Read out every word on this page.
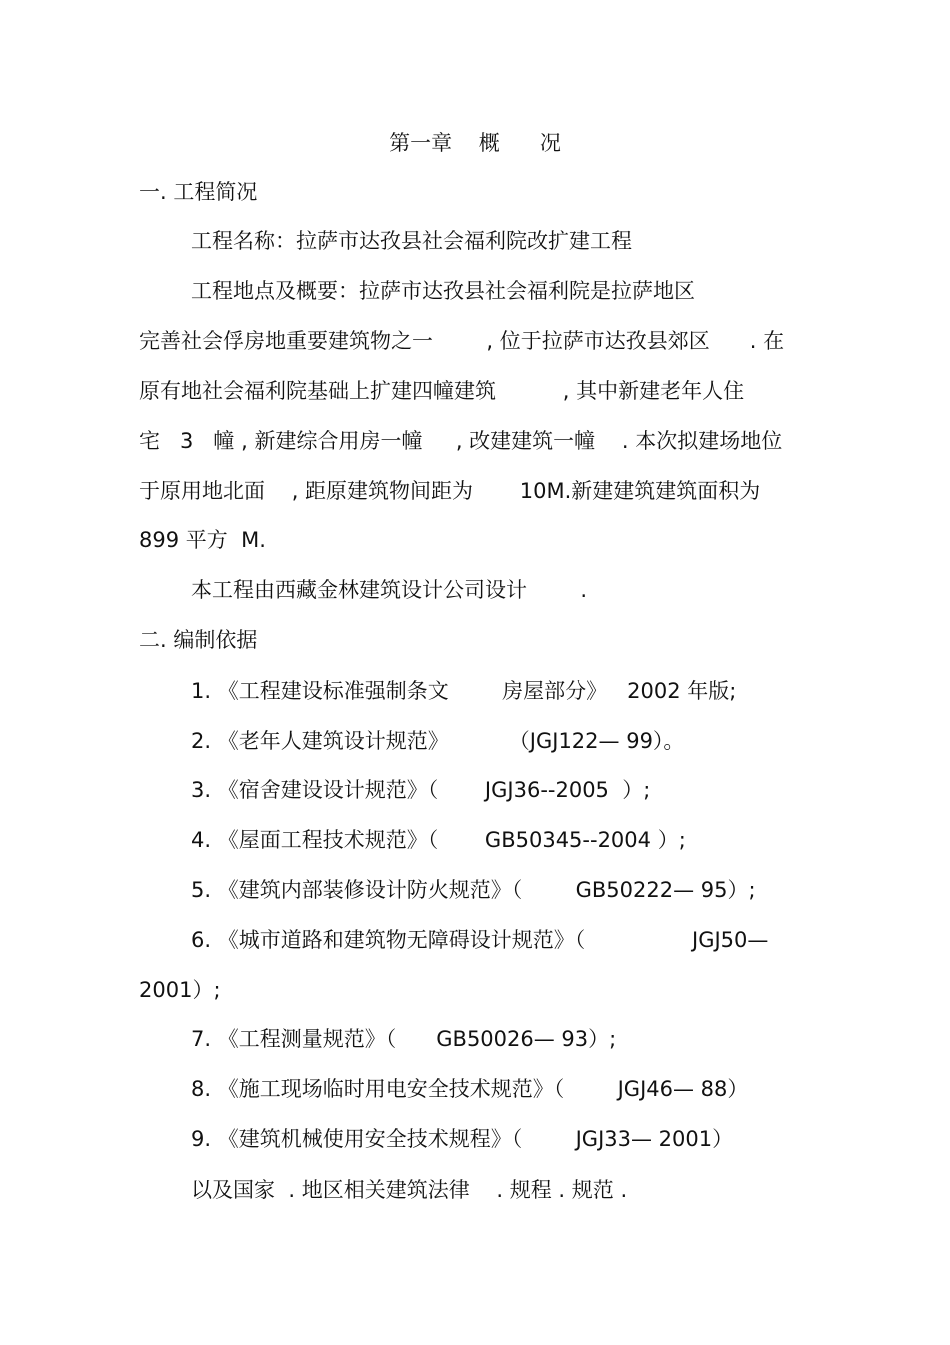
第一章    概      况
一. 工程简况
工程名称：拉萨市达孜县社会福利院改扩建工程
工程地点及概要：拉萨市达孜县社会福利院是拉萨地区
完善社会俘房地重要建筑物之一        , 位于拉萨市达孜县郊区      . 在
原有地社会福利院基础上扩建四幢建筑          , 其中新建老年人住
宅   3   幢 , 新建综合用房一幢     , 改建建筑一幢    . 本次拟建场地位
于原用地北面    , 距原建筑物间距为       10M.新建建筑建筑面积为
899 平方  M.
本工程由西藏金林建筑设计公司设计        .
二. 编制依据
1. 《工程建设标准强制条文        房屋部分》   2002 年版;
2. 《老年人建筑设计规范》         （JGJ122— 99）。
3. 《宿舍建设设计规范》（       JGJ36--2005  ）;
4. 《屋面工程技术规范》（       GB50345--2004 ）;
5. 《建筑内部装修设计防火规范》（        GB50222— 95）;
6. 《城市道路和建筑物无障碍设计规范》（                JGJ50—
2001）;
7. 《工程测量规范》（      GB50026— 93）;
8. 《施工现场临时用电安全技术规范》（        JGJ46— 88）
9. 《建筑机械使用安全技术规程》（        JGJ33— 2001）
以及国家  . 地区相关建筑法律    . 规程 . 规范 .
